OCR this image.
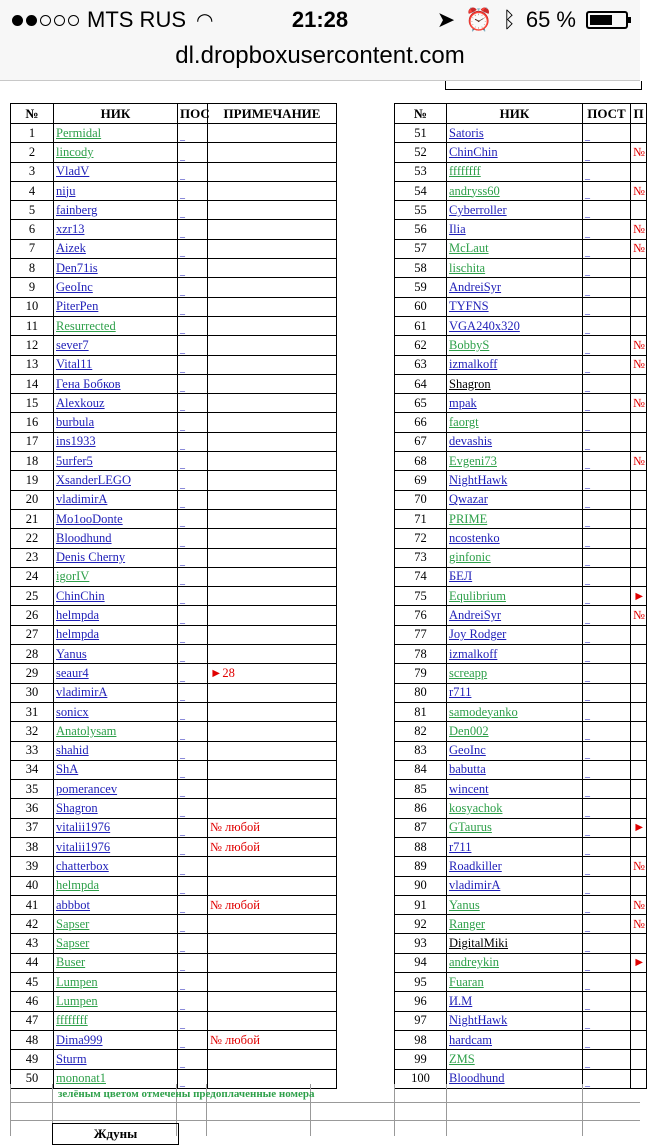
MTS RUS ◠	21:28	➤ ⏰ ᛒ 65 %
dl.dropboxusercontent.com
№	НИК	ПОС	ПРИМЕЧАНИЕ
1	Permidal	_	
2	lincody	_	
3	VladV	_	
4	niju	_	
5	fainberg	_	
6	xzr13	_	
7	Aizek	_	
8	Den71is	_	
9	GeoInc	_	
10	PiterPen	_	
11	Resurrected	_	
12	sever7	_	
13	Vital11	_	
14	Гена Бобков	_	
15	Alexkouz	_	
16	burbula	_	
17	ins1933	_	
18	5urfer5	_	
19	XsanderLEGO	_	
20	vladimirA	_	
21	Mo1ooDonte	_	
22	Bloodhund	_	
23	Denis Cherny	_	
24	igorIV	_	
25	ChinChin	_	
26	helmpda	_	
27	helmpda	_	
28	Yanus	_	
29	seaur4	_	►28
30	vladimirA	_	
31	sonicx	_	
32	Anatolysam	_	
33	shahid	_	
34	ShA	_	
35	pomerancev	_	
36	Shagron	_	
37	vitalii1976	_	№ любой
38	vitalii1976	_	№ любой
39	chatterbox	_	
40	helmpda	_	
41	abbbot	_	№ любой
42	Sapser	_	
43	Sapser	_	
44	Buser	_	
45	Lumpen	_	
46	Lumpen	_	
47	ffffffff	_	
48	Dima999	_	№ любой
49	Sturm	_	
50	mononat1	_	
№	НИК	ПОСТ	П
51	Satoris	_	
52	ChinChin	_	№
53	ffffffff	_	
54	andryss60	_	№
55	Cyberroller	_	
56	Ilia	_	№
57	McLaut	_	№
58	lischita	_	
59	AndreiSyr	_	
60	TYFNS	_	
61	VGA240x320	_	
62	BobbyS	_	№
63	izmalkoff	_	№
64	Shagron	_	
65	mpak	_	№
66	faorgt	_	
67	devashis	_	
68	Evgeni73	_	№
69	NightHawk	_	
70	Qwazar	_	
71	PRIME	_	
72	ncostenko	_	
73	ginfonic	_	
74	БЕЛ	_	
75	Equlibrium	_	►
76	AndreiSyr	_	№
77	Joy Rodger	_	
78	izmalkoff	_	
79	screapp	_	
80	r711	_	
81	samodeyanko	_	
82	Den002	_	
83	GeoInc	_	
84	babutta	_	
85	wincent	_	
86	kosyachok	_	
87	GTaurus	_	►
88	r711	_	
89	Roadkiller	_	№
90	vladimirA	_	
91	Yanus	_	№
92	Ranger	_	№
93	DigitalMiki	_	
94	andreykin	_	►
95	Fuaran	_	
96	И.М	_	
97	NightHawk	_	
98	hardcam	_	
99	ZMS	_	
100	Bloodhund	_	
зелёным цветом отмечены предоплаченные номера
Ждуны
